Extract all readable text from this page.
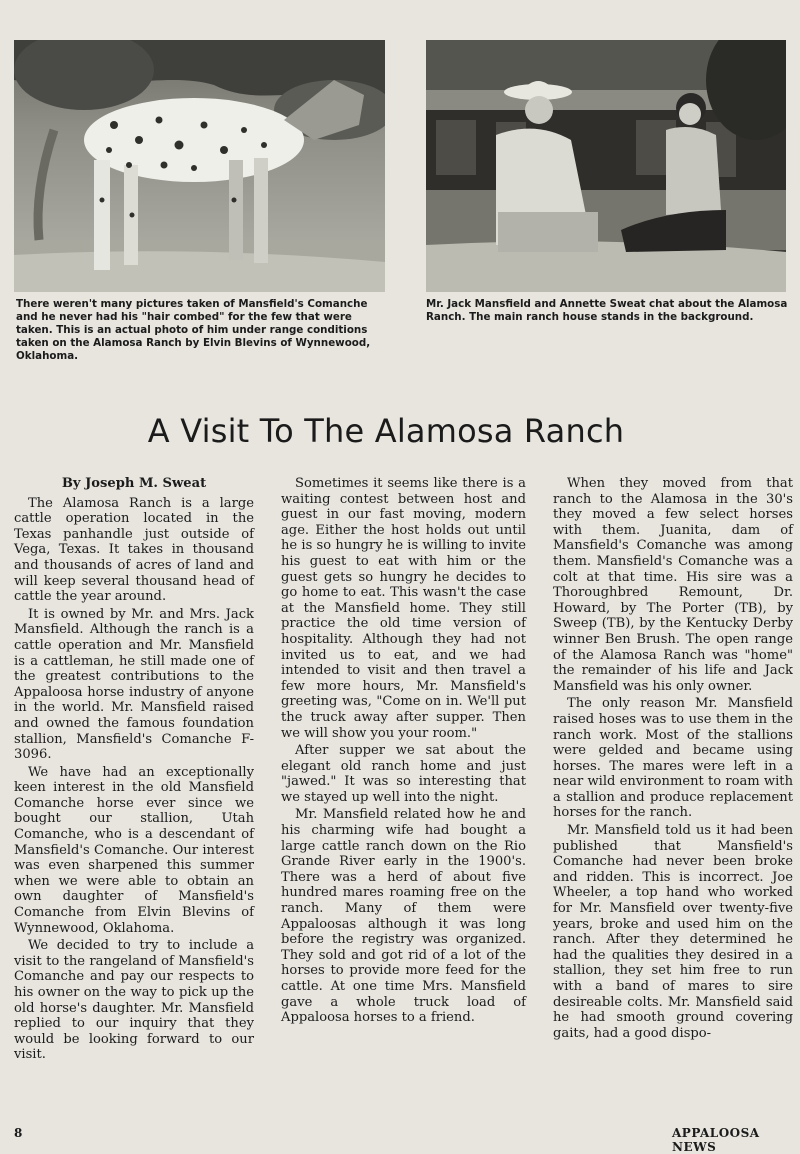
There weren't many pictures taken of Mansfield's Comanche and he never had his "hair combed" for the few that were taken. This is an actual photo of him under range conditions taken on the Alamosa Ranch by Elvin Blevins of Wynnewood, Oklahoma.

Mr. Jack Mansfield and Annette Sweat chat about the Alamosa Ranch. The main ranch house stands in the background.

A Visit To The Alamosa Ranch

By Joseph M. Sweat

The Alamosa Ranch is a large cattle operation located in the Texas panhandle just outside of Vega, Texas. It takes in thousand and thousands of acres of land and will keep several thousand head of cattle the year around.

It is owned by Mr. and Mrs. Jack Mansfield. Although the ranch is a cattle operation and Mr. Mansfield is a cattleman, he still made one of the greatest contributions to the Appaloosa horse industry of anyone in the world. Mr. Mansfield raised and owned the famous foundation stallion, Mansfield's Comanche F-3096.

We have had an exceptionally keen interest in the old Mansfield Comanche horse ever since we bought our stallion, Utah Comanche, who is a descendant of Mansfield's Comanche. Our interest was even sharpened this summer when we were able to obtain an own daughter of Mansfield's Comanche from Elvin Blevins of Wynnewood, Oklahoma.

We decided to try to include a visit to the rangeland of Mansfield's Comanche and pay our respects to his owner on the way to pick up the old horse's daughter. Mr. Mansfield replied to our inquiry that they would be looking forward to our visit.

Sometimes it seems like there is a waiting contest between host and guest in our fast moving, modern age. Either the host holds out until he is so hungry he is willing to invite his guest to eat with him or the guest gets so hungry he decides to go home to eat. This wasn't the case at the Mansfield home. They still practice the old time version of hospitality. Although they had not invited us to eat, and we had intended to visit and then travel a few more hours, Mr. Mansfield's greeting was, "Come on in. We'll put the truck away after supper. Then we will show you your room."

After supper we sat about the elegant old ranch home and just "jawed." It was so interesting that we stayed up well into the night.

Mr. Mansfield related how he and his charming wife had bought a large cattle ranch down on the Rio Grande River early in the 1900's. There was a herd of about five hundred mares roaming free on the ranch. Many of them were Appaloosas although it was long before the registry was organized. They sold and got rid of a lot of the horses to provide more feed for the cattle. At one time Mrs. Mansfield gave a whole truck load of Appaloosa horses to a friend.

When they moved from that ranch to the Alamosa in the 30's they moved a few select horses with them. Juanita, dam of Mansfield's Comanche was among them. Mansfield's Comanche was a colt at that time. His sire was a Thoroughbred Remount, Dr. Howard, by The Porter (TB), by Sweep (TB), by the Kentucky Derby winner Ben Brush. The open range of the Alamosa Ranch was "home" the remainder of his life and Jack Mansfield was his only owner.

The only reason Mr. Mansfield raised hoses was to use them in the ranch work. Most of the stallions were gelded and became using horses. The mares were left in a near wild environment to roam with a stallion and produce replacement horses for the ranch.

Mr. Mansfield told us it had been published that Mansfield's Comanche had never been broke and ridden. This is incorrect. Joe Wheeler, a top hand who worked for Mr. Mansfield over twenty-five years, broke and used him on the ranch. After they determined he had the qualities they desired in a stallion, they set him free to run with a band of mares to sire desireable colts. Mr. Mansfield said he had smooth ground covering gaits, had a good dispo-

8	APPALOOSA NEWS
